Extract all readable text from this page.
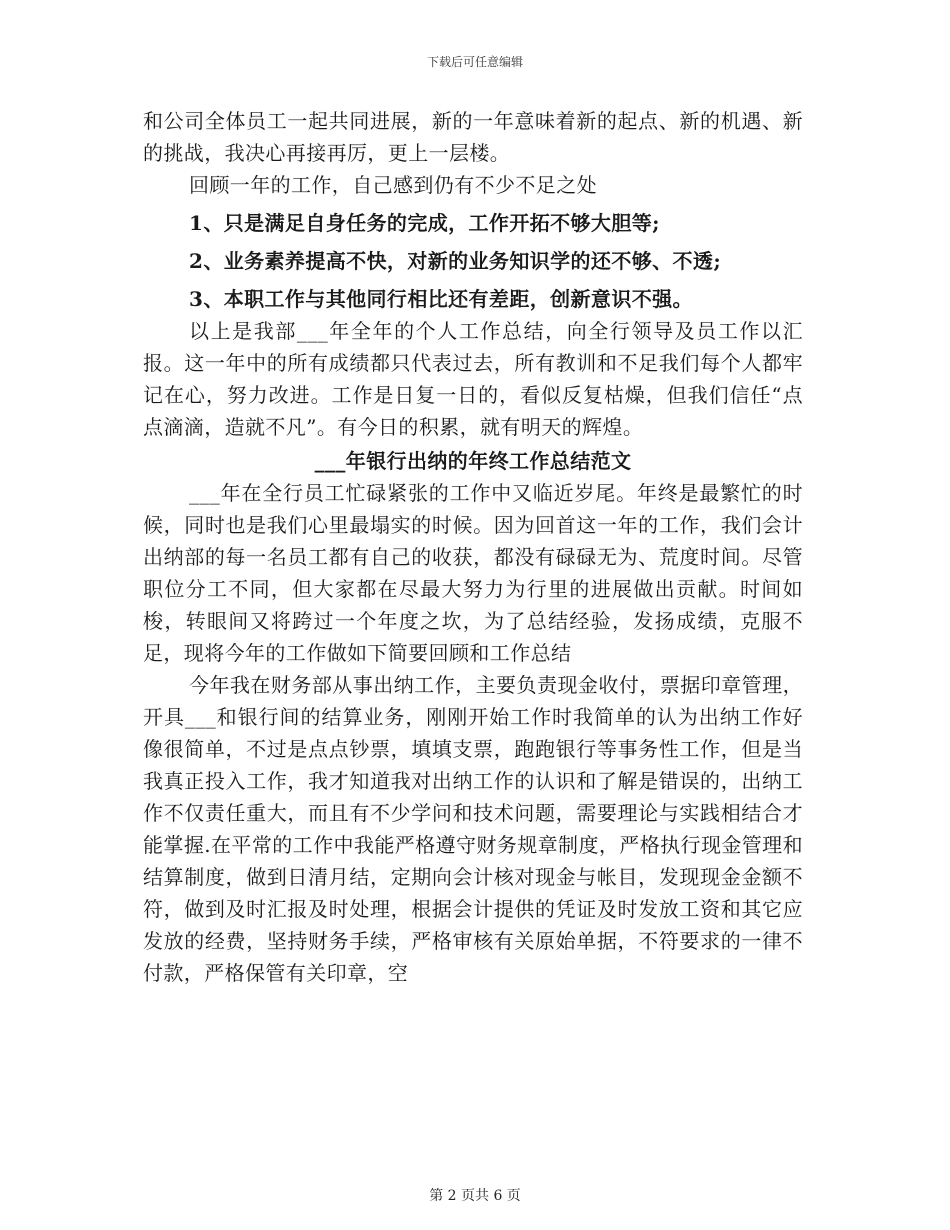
下载后可任意编辑

和公司全体员工一起共同进展，新的一年意味着新的起点、新的机遇、新的挑战，我决心再接再厉，更上一层楼。

回顾一年的工作，自己感到仍有不少不足之处

1、只是满足自身任务的完成，工作开拓不够大胆等;

2、业务素养提高不快，对新的业务知识学的还不够、不透;

3、本职工作与其他同行相比还有差距，创新意识不强。

以上是我部___年全年的个人工作总结，向全行领导及员工作以汇报。这一年中的所有成绩都只代表过去，所有教训和不足我们每个人都牢记在心，努力改进。工作是日复一日的，看似反复枯燥，但我们信任“点点滴滴，造就不凡”。有今日的积累，就有明天的辉煌。

___年银行出纳的年终工作总结范文

___年在全行员工忙碌紧张的工作中又临近岁尾。年终是最繁忙的时候，同时也是我们心里最塌实的时候。因为回首这一年的工作，我们会计出纳部的每一名员工都有自己的收获，都没有碌碌无为、荒度时间。尽管职位分工不同，但大家都在尽最大努力为行里的进展做出贡献。时间如梭，转眼间又将跨过一个年度之坎，为了总结经验，发扬成绩，克服不足，现将今年的工作做如下简要回顾和工作总结

今年我在财务部从事出纳工作，主要负责现金收付，票据印章管理，开具___和银行间的结算业务，刚刚开始工作时我简单的认为出纳工作好像很简单，不过是点点钞票，填填支票，跑跑银行等事务性工作，但是当我真正投入工作，我才知道我对出纳工作的认识和了解是错误的，出纳工作不仅责任重大，而且有不少学问和技术问题，需要理论与实践相结合才能掌握.在平常的工作中我能严格遵守财务规章制度，严格执行现金管理和结算制度，做到日清月结，定期向会计核对现金与帐目，发现现金金额不符，做到及时汇报及时处理，根据会计提供的凭证及时发放工资和其它应发放的经费，坚持财务手续，严格审核有关原始单据，不符要求的一律不付款，严格保管有关印章，空

第 2 页共 6 页
